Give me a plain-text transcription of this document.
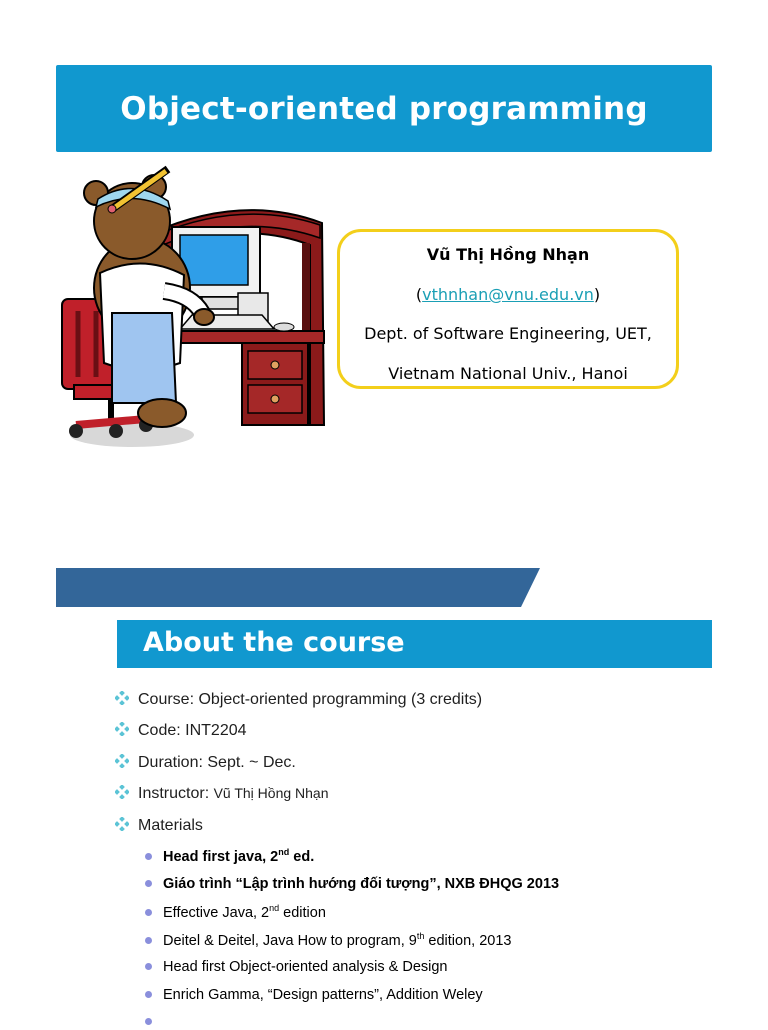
Object-oriented programming
Vũ Thị Hồng Nhạn
(vthnhan@vnu.edu.vn)
Dept. of Software Engineering, UET,
Vietnam National Univ., Hanoi
About the course
Course: Object-oriented programming (3 credits)
Code: INT2204
Duration: Sept. ~ Dec.
Instructor: Vũ Thị Hồng Nhạn
Materials
Head first java, 2nd ed.
Giáo trình “Lập trình hướng đối tượng”, NXB ĐHQG 2013
Effective Java, 2nd edition
Deitel & Deitel, Java How to program, 9th edition, 2013
Head first Object-oriented analysis & Design
Enrich Gamma, “Design patterns”, Addition Weley
